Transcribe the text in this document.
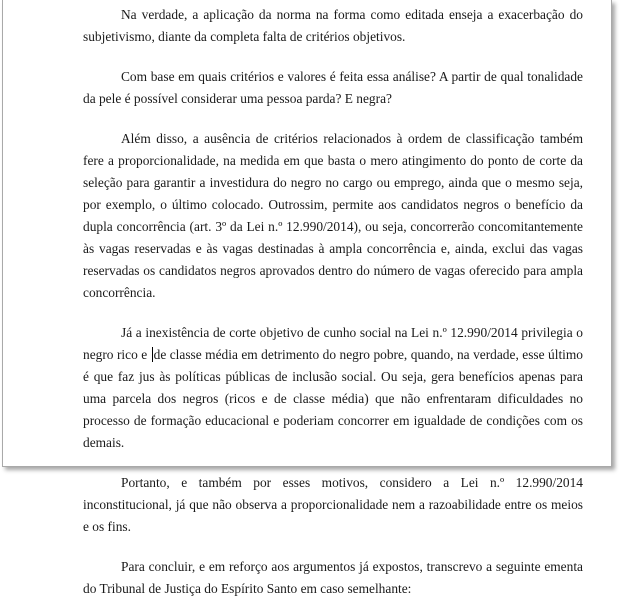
Na verdade, a aplicação da norma na forma como editada enseja a exacerbação do subjetivismo, diante da completa falta de critérios objetivos.

Com base em quais critérios e valores é feita essa análise? A partir de qual tonalidade da pele é possível considerar uma pessoa parda? E negra?

Além disso, a ausência de critérios relacionados à ordem de classificação também fere a proporcionalidade, na medida em que basta o mero atingimento do ponto de corte da seleção para garantir a investidura do negro no cargo ou emprego, ainda que o mesmo seja, por exemplo, o último colocado. Outrossim, permite aos candidatos negros o benefício da dupla concorrência (art. 3º da Lei n.º 12.990/2014), ou seja, concorrerão concomitantemente às vagas reservadas e às vagas destinadas à ampla concorrência e, ainda, exclui das vagas reservadas os candidatos negros aprovados dentro do número de vagas oferecido para ampla concorrência.

Já a inexistência de corte objetivo de cunho social na Lei n.º 12.990/2014 privilegia o negro rico e de classe média em detrimento do negro pobre, quando, na verdade, esse último é que faz jus às políticas públicas de inclusão social. Ou seja, gera benefícios apenas para uma parcela dos negros (ricos e de classe média) que não enfrentaram dificuldades no processo de formação educacional e poderiam concorrer em igualdade de condições com os demais.

Portanto, e também por esses motivos, considero a Lei n.º 12.990/2014 inconstitucional, já que não observa a proporcionalidade nem a razoabilidade entre os meios e os fins.

Para concluir, e em reforço aos argumentos já expostos, transcrevo a seguinte ementa do Tribunal de Justiça do Espírito Santo em caso semelhante:
